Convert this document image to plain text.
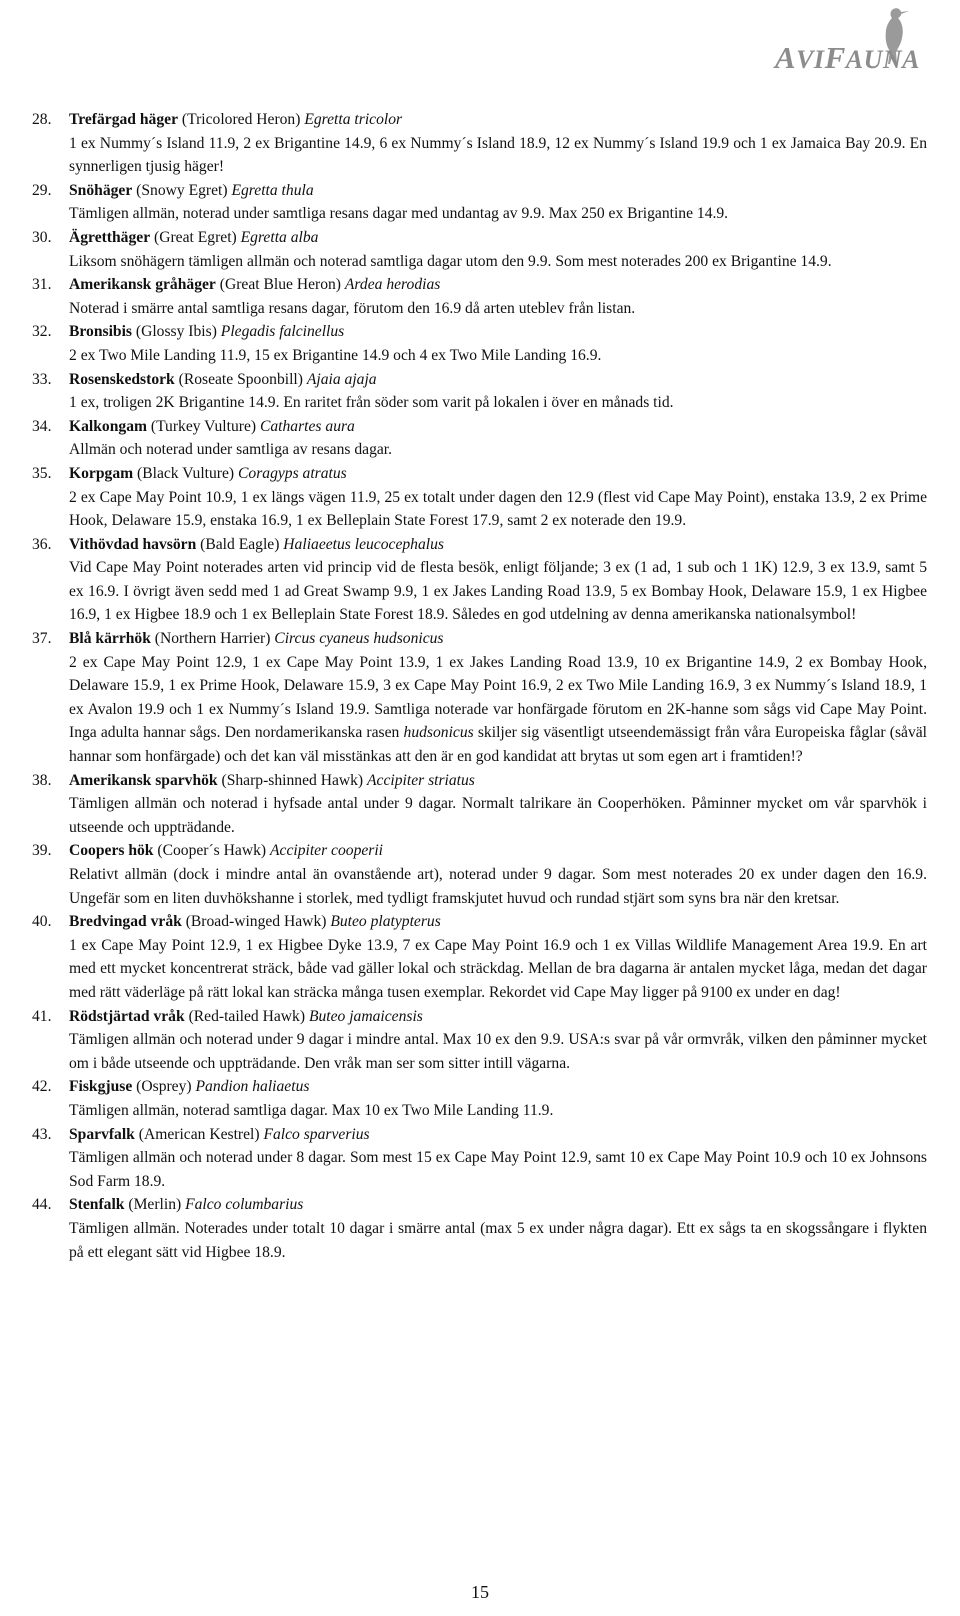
AVIFAUNA
28.	Trefärgad häger (Tricolored Heron) Egretta tricolor
1 ex Nummy´s Island 11.9, 2 ex Brigantine 14.9, 6 ex Nummy´s Island 18.9, 12 ex Nummy´s Island 19.9 och 1 ex Jamaica Bay 20.9. En synnerligen tjusig häger!
29.	Snöhäger (Snowy Egret) Egretta thula
Tämligen allmän, noterad under samtliga resans dagar med undantag av 9.9. Max 250 ex Brigantine 14.9.
30.	Ägretthäger (Great Egret) Egretta alba
Liksom snöhägern tämligen allmän och noterad samtliga dagar utom den 9.9. Som mest noterades 200 ex Brigantine 14.9.
31.	Amerikansk gråhäger (Great Blue Heron) Ardea herodias
Noterad i smärre antal samtliga resans dagar, förutom den 16.9 då arten uteblev från listan.
32.	Bronsibis (Glossy Ibis) Plegadis falcinellus
2 ex Two Mile Landing 11.9, 15 ex Brigantine 14.9 och 4 ex Two Mile Landing 16.9.
33.	Rosenskedstork (Roseate Spoonbill) Ajaia ajaja
1 ex, troligen 2K Brigantine 14.9. En raritet från söder som varit på lokalen i över en månads tid.
34.	Kalkongam (Turkey Vulture) Cathartes aura
Allmän och noterad under samtliga av resans dagar.
35.	Korpgam (Black Vulture) Coragyps atratus
2 ex Cape May Point 10.9, 1 ex längs vägen 11.9, 25 ex totalt under dagen den 12.9 (flest vid Cape May Point), enstaka 13.9, 2 ex Prime Hook, Delaware 15.9, enstaka 16.9, 1 ex Belleplain State Forest 17.9, samt 2 ex noterade den 19.9.
36.	Vithövdad havsörn (Bald Eagle) Haliaeetus leucocephalus
Vid Cape May Point noterades arten vid princip vid de flesta besök, enligt följande; 3 ex (1 ad, 1 sub och 1 1K) 12.9, 3 ex 13.9, samt 5 ex 16.9. I övrigt även sedd med 1 ad Great Swamp 9.9, 1 ex Jakes Landing Road 13.9, 5 ex Bombay Hook, Delaware 15.9, 1 ex Higbee 16.9, 1 ex Higbee 18.9 och 1 ex Belleplain State Forest 18.9. Således en god utdelning av denna amerikanska nationalsymbol!
37.	Blå kärrhök (Northern Harrier) Circus cyaneus hudsonicus
2 ex Cape May Point 12.9, 1 ex Cape May Point 13.9, 1 ex Jakes Landing Road 13.9, 10 ex Brigantine 14.9, 2 ex Bombay Hook, Delaware 15.9, 1 ex Prime Hook, Delaware 15.9, 3 ex Cape May Point 16.9, 2 ex Two Mile Landing 16.9, 3 ex Nummy´s Island 18.9, 1 ex Avalon 19.9 och 1 ex Nummy´s Island 19.9. Samtliga noterade var honfärgade förutom en 2K-hanne som sågs vid Cape May Point. Inga adulta hannar sågs. Den nordamerikanska rasen hudsonicus skiljer sig väsentligt utseendemässigt från våra Europeiska fåglar (såväl hannar som honfärgade) och det kan väl misstänkas att den är en god kandidat att brytas ut som egen art i framtiden!?
38.	Amerikansk sparvhök (Sharp-shinned Hawk) Accipiter striatus
Tämligen allmän och noterad i hyfsade antal under 9 dagar. Normalt talrikare än Cooperhöken. Påminner mycket om vår sparvhök i utseende och uppträdande.
39.	Coopers hök (Cooper´s Hawk) Accipiter cooperii
Relativt allmän (dock i mindre antal än ovanstående art), noterad under 9 dagar. Som mest noterades 20 ex under dagen den 16.9. Ungefär som en liten duvhökshanne i storlek, med tydligt framskjutet huvud och rundad stjärt som syns bra när den kretsar.
40.	Bredvingad vråk (Broad-winged Hawk) Buteo platypterus
1 ex Cape May Point 12.9, 1 ex Higbee Dyke 13.9, 7 ex Cape May Point 16.9 och 1 ex Villas Wildlife Management Area 19.9. En art med ett mycket koncentrerat sträck, både vad gäller lokal och sträckdag. Mellan de bra dagarna är antalen mycket låga, medan det dagar med rätt väderläge på rätt lokal kan sträcka många tusen exemplar. Rekordet vid Cape May ligger på 9100 ex under en dag!
41.	Rödstjärtad vråk (Red-tailed Hawk) Buteo jamaicensis
Tämligen allmän och noterad under 9 dagar i mindre antal. Max 10 ex den 9.9. USA:s svar på vår ormvråk, vilken den påminner mycket om i både utseende och uppträdande. Den vråk man ser som sitter intill vägarna.
42.	Fiskgjuse (Osprey) Pandion haliaetus
Tämligen allmän, noterad samtliga dagar. Max 10 ex Two Mile Landing 11.9.
43.	Sparvfalk (American Kestrel) Falco sparverius
Tämligen allmän och noterad under 8 dagar. Som mest 15 ex Cape May Point 12.9, samt 10 ex Cape May Point 10.9 och 10 ex Johnsons Sod Farm 18.9.
44.	Stenfalk (Merlin) Falco columbarius
Tämligen allmän. Noterades under totalt 10 dagar i smärre antal (max 5 ex under några dagar). Ett ex sågs ta en skogssångare i flykten på ett elegant sätt vid Higbee 18.9.
15
